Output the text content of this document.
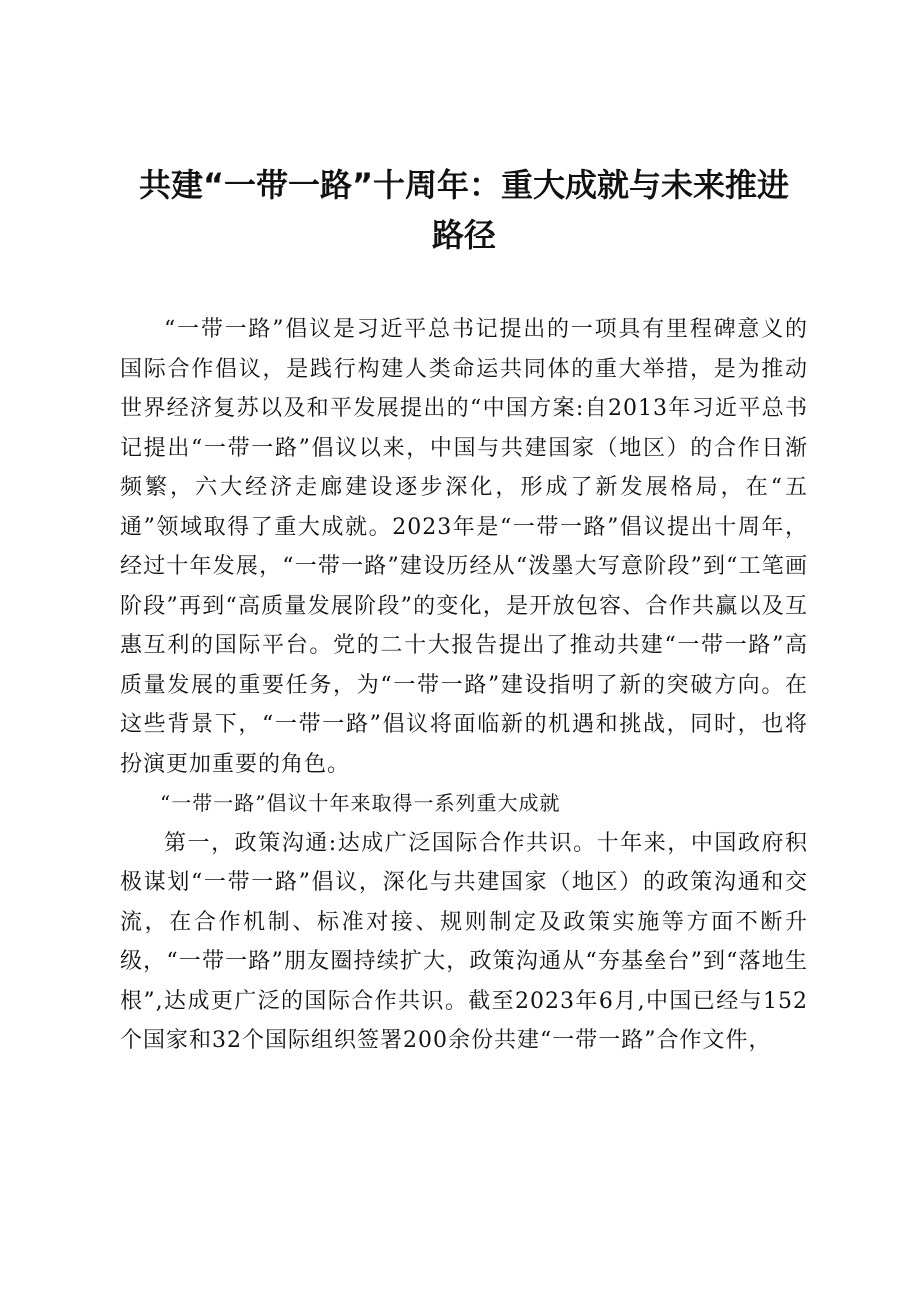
共建“一带一路”十周年：重大成就与未来推进
路径

“一带一路”倡议是习近平总书记提出的一项具有里程碑意义的国际合作倡议，是践行构建人类命运共同体的重大举措，是为推动世界经济复苏以及和平发展提出的“中国方案:自2013年习近平总书记提出“一带一路”倡议以来，中国与共建国家（地区）的合作日渐频繁，六大经济走廊建设逐步深化，形成了新发展格局，在“五通”领域取得了重大成就。2023年是“一带一路”倡议提出十周年，经过十年发展，“一带一路”建设历经从“泼墨大写意阶段”到“工笔画阶段”再到“高质量发展阶段”的变化，是开放包容、合作共赢以及互惠互利的国际平台。党的二十大报告提出了推动共建“一带一路”高质量发展的重要任务，为“一带一路”建设指明了新的突破方向。在这些背景下，“一带一路”倡议将面临新的机遇和挑战，同时，也将扮演更加重要的角色。

“一带一路”倡议十年来取得一系列重大成就

第一，政策沟通:达成广泛国际合作共识。十年来，中国政府积极谋划“一带一路”倡议，深化与共建国家（地区）的政策沟通和交流，在合作机制、标准对接、规则制定及政策实施等方面不断升级，“一带一路”朋友圈持续扩大，政策沟通从“夯基垒台”到“落地生根”,达成更广泛的国际合作共识。截至2023年6月,中国已经与152个国家和32个国际组织签署200余份共建“一带一路”合作文件，
